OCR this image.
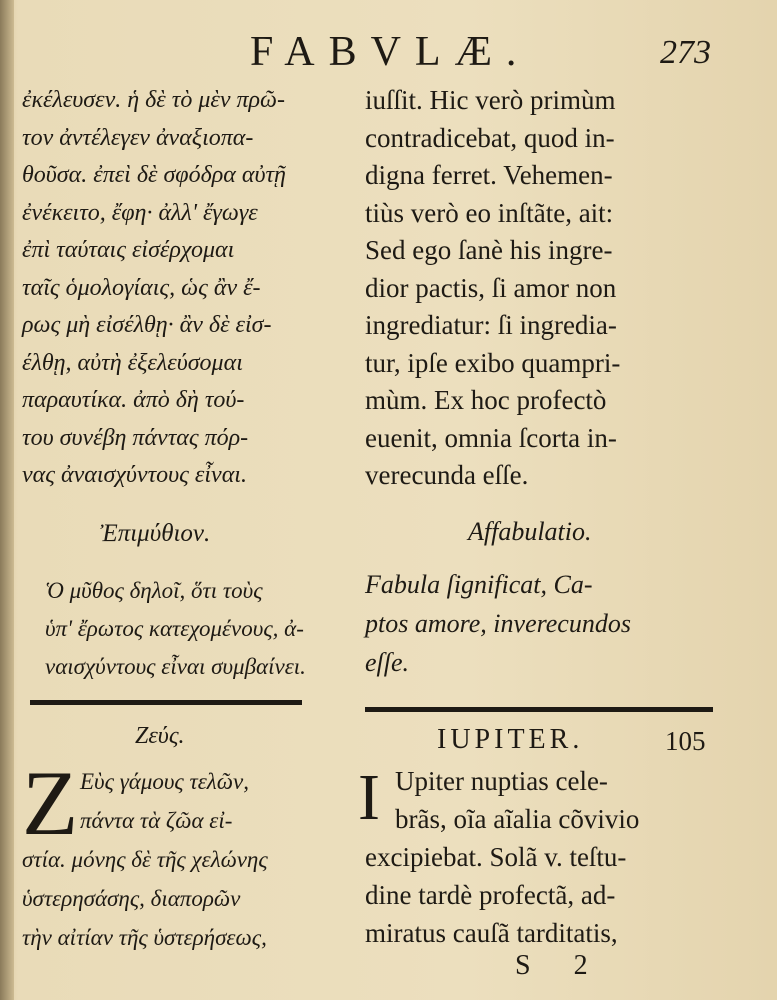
FABVLÆ.	273
ἐκέλευσεν. ἡ δὲ τὸ μὲν πρῶ-
τον ἀντέλεγεν ἀναξιοπα-
θοῦσα. ἐπεὶ δὲ σφόδρα αὐτῇ
ἐνέκειτο, ἔφη· ἀλλ' ἔγωγε
ἐπὶ ταύταις εἰσέρχομαι
ταῖς ὁμολογίαις, ὡς ἂν ἔ-
ρως μὴ εἰσέλθῃ· ἂν δὲ εἰσ-
έλθῃ, αὐτὴ ἐξελεύσομαι
παραυτίκα. ἀπὸ δὴ τού-
του συνέβη πάντας πόρ-
νας ἀναισχύντους εἶναι.
iuſſit. Hic verò primùm
contradicebat, quod in-
digna ferret. Vehemen-
tiùs verò eo inſtãte, ait:
Sed ego ſanè his ingre-
dior pactis, ſi amor non
ingrediatur: ſi ingredia-
tur, ipſe exibo quampri-
mùm. Ex hoc profectò
euenit, omnia ſcorta in-
verecunda eſſe.
Ἐπιμύθιον.	Affabulatio.
Ὁ μῦθος δηλοῖ, ὅτι τοὺς
ὑπ' ἔρωτος κατεχομένους, ἀ-
ναισχύντους εἶναι συμβαίνει.
Fabula ſignificat, Ca-
ptos amore, inverecundos
eſſe.
Ζεύς.	IUPITER.	105
Z	I
Εὺς γάμους τελῶν,
πάντα τὰ ζῶα εἰ-
στία. μόνης δὲ τῆς χελώνης
ὑστερησάσης, διαπορῶν
τὴν αἰτίαν τῆς ὑστερήσεως,
Upiter nuptias cele-
brãs, oĩa aĩalia cõvivio
excipiebat. Solã v. teſtu-
dine tardè profectã, ad-
miratus cauſã tarditatis,
S 2
